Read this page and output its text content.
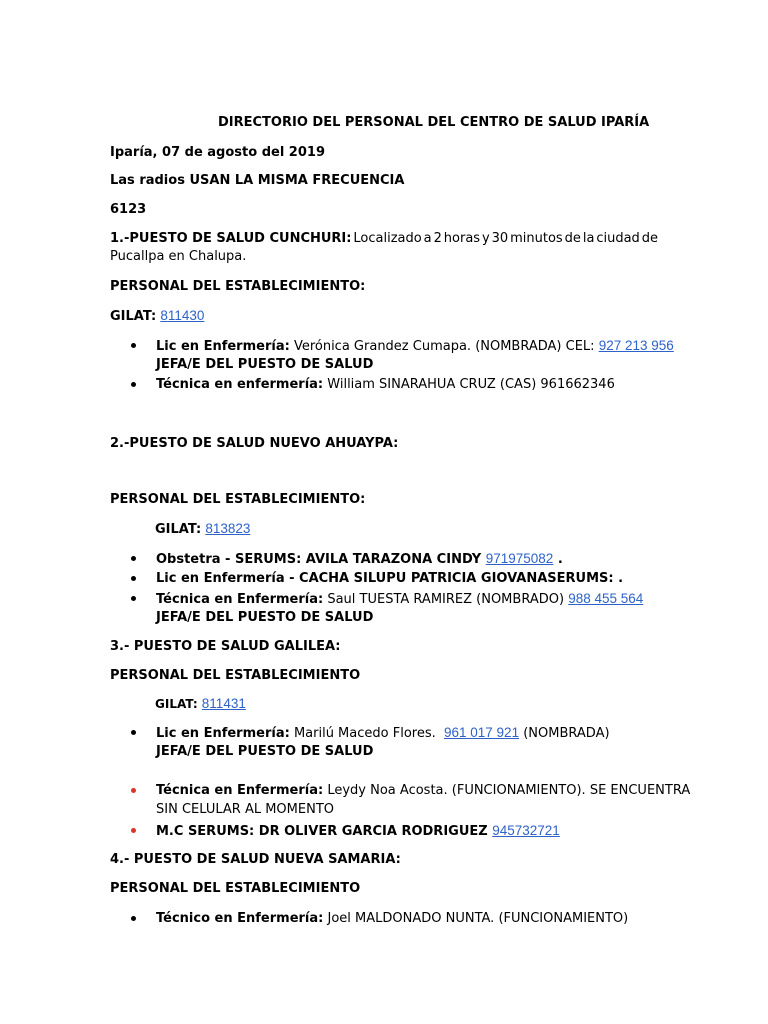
DIRECTORIO DEL PERSONAL DEL CENTRO DE SALUD IPARÍA
Iparía, 07 de agosto del 2019
Las radios USAN LA MISMA FRECUENCIA
6123
1.-PUESTO DE SALUD CUNCHURI: Localizado a 2 horas y 30 minutos de la ciudad de
Pucallpa en Chalupa.
PERSONAL DEL ESTABLECIMIENTO:
GILAT: 811430
Lic en Enfermería: Verónica Grandez Cumapa. (NOMBRADA) CEL: 927 213 956
JEFA/E DEL PUESTO DE SALUD
Técnica en enfermería: William SINARAHUA CRUZ (CAS) 961662346
2.-PUESTO DE SALUD NUEVO AHUAYPA:
PERSONAL DEL ESTABLECIMIENTO:
GILAT: 813823
Obstetra - SERUMS: AVILA TARAZONA CINDY 971975082 .
Lic en Enfermería - CACHA SILUPU PATRICIA GIOVANASERUMS: .
Técnica en Enfermería: Saul TUESTA RAMIREZ (NOMBRADO) 988 455 564
JEFA/E DEL PUESTO DE SALUD
3.- PUESTO DE SALUD GALILEA:
PERSONAL DEL ESTABLECIMIENTO
GILAT: 811431
Lic en Enfermería: Marilú Macedo Flores. 961 017 921 (NOMBRADA)
JEFA/E DEL PUESTO DE SALUD
Técnica en Enfermería: Leydy Noa Acosta. (FUNCIONAMIENTO). SE ENCUENTRA
SIN CELULAR AL MOMENTO
M.C SERUMS: DR OLIVER GARCIA RODRIGUEZ 945732721
4.- PUESTO DE SALUD NUEVA SAMARIA:
PERSONAL DEL ESTABLECIMIENTO
Técnico en Enfermería: Joel MALDONADO NUNTA. (FUNCIONAMIENTO)
